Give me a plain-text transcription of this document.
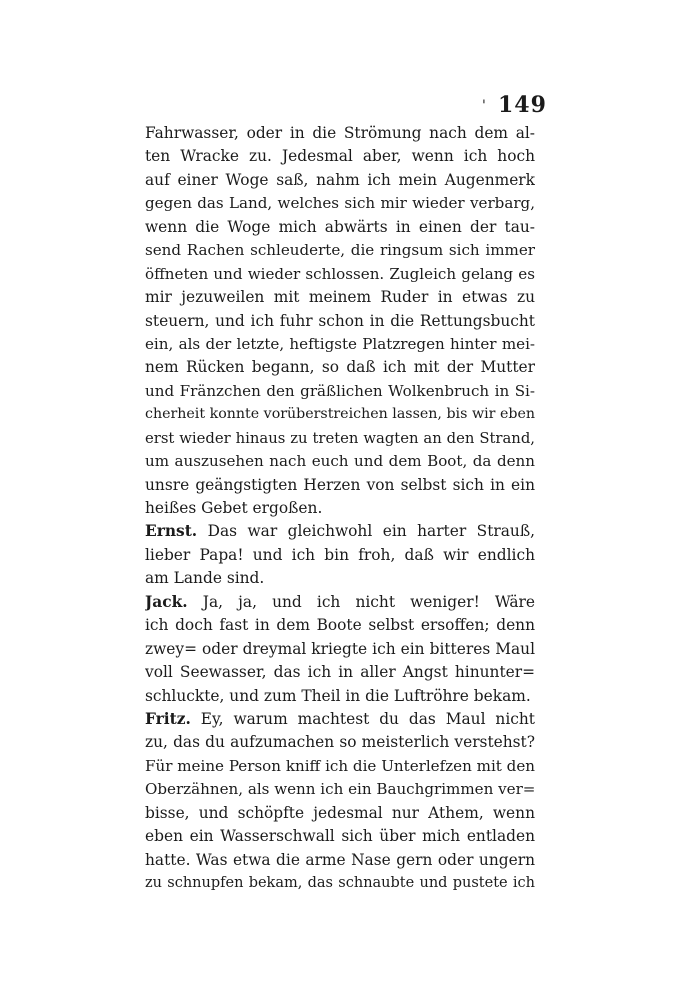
' 149
Fahrwasser, oder in die Strömung nach dem al-
ten Wracke zu. Jedesmal aber, wenn ich hoch
auf einer Woge saß, nahm ich mein Augenmerk
gegen das Land, welches sich mir wieder verbarg,
wenn die Woge mich abwärts in einen der tau-
send Rachen schleuderte, die ringsum sich immer
öffneten und wieder schlossen. Zugleich gelang es
mir jezuweilen mit meinem Ruder in etwas zu
steuern, und ich fuhr schon in die Rettungsbucht
ein, als der letzte, heftigste Platzregen hinter mei-
nem Rücken begann, so daß ich mit der Mutter
und Fränzchen den gräßlichen Wolkenbruch in Si-
cherheit konnte vorüberstreichen lassen, bis wir eben
erst wieder hinaus zu treten wagten an den Strand,
um auszusehen nach euch und dem Boot, da denn
unsre geängstigten Herzen von selbst sich in ein
heißes Gebet ergoßen.
Ernst. Das war gleichwohl ein harter Strauß,
lieber Papa! und ich bin froh, daß wir endlich
am Lande sind.
Jack. Ja, ja, und ich nicht weniger! Wäre
ich doch fast in dem Boote selbst ersoffen; denn
zwey= oder dreymal kriegte ich ein bitteres Maul
voll Seewasser, das ich in aller Angst hinunter=
schluckte, und zum Theil in die Luftröhre bekam.
Fritz. Ey, warum machtest du das Maul nicht
zu, das du aufzumachen so meisterlich verstehst?
Für meine Person kniff ich die Unterlefzen mit den
Oberzähnen, als wenn ich ein Bauchgrimmen ver=
bisse, und schöpfte jedesmal nur Athem, wenn
eben ein Wasserschwall sich über mich entladen
hatte. Was etwa die arme Nase gern oder ungern
zu schnupfen bekam, das schnaubte und pustete ich
